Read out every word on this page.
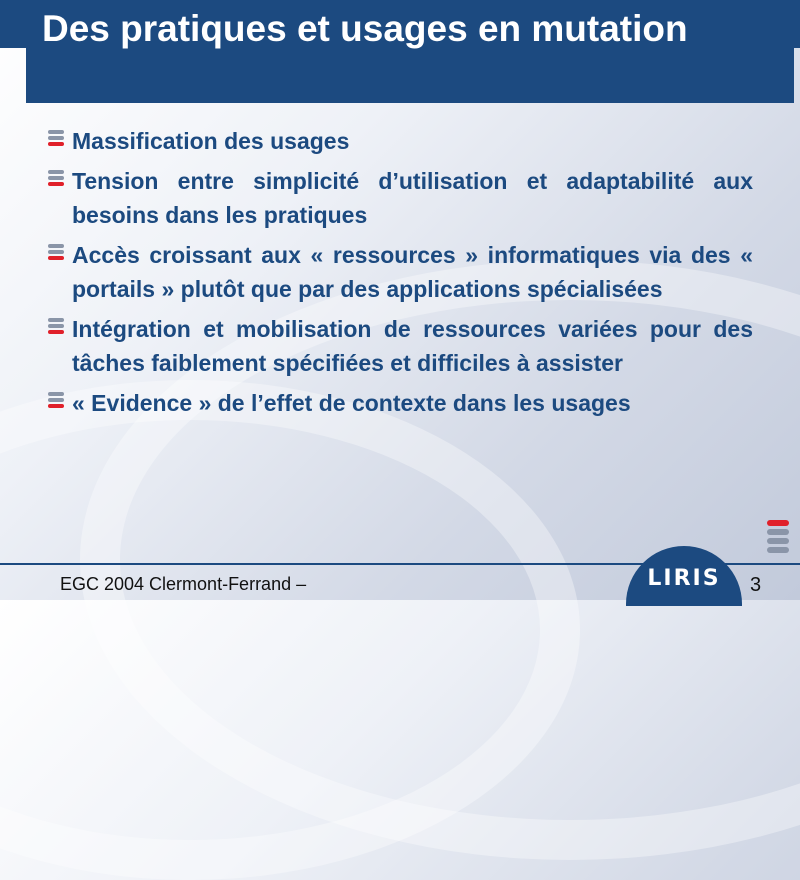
Des pratiques et usages en mutation
Massification des usages
Tension entre simplicité d’utilisation et adaptabilité aux besoins dans les pratiques
Accès croissant aux « ressources » informatiques via des « portails » plutôt que par des applications spécialisées
Intégration et mobilisation de ressources variées pour des tâches faiblement spécifiées et difficiles à assister
« Evidence » de l’effet de contexte dans les usages
LIRIS
EGC 2004 Clermont-Ferrand –	3
